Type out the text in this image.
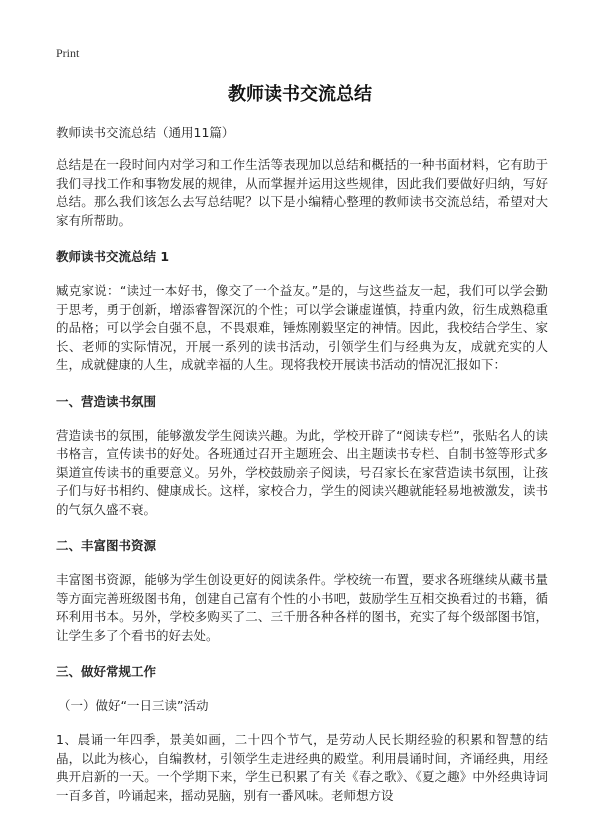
Print
教师读书交流总结

教师读书交流总结（通用11篇）

总结是在一段时间内对学习和工作生活等表现加以总结和概括的一种书面材料，它有助于我们寻找工作和事物发展的规律，从而掌握并运用这些规律，因此我们要做好归纳，写好总结。那么我们该怎么去写总结呢？以下是小编精心整理的教师读书交流总结，希望对大家有所帮助。

教师读书交流总结 1

臧克家说：“读过一本好书，像交了一个益友。”是的，与这些益友一起，我们可以学会勤于思考，勇于创新，增添睿智深沉的个性；可以学会谦虚谨慎，持重内敛，衍生成熟稳重的品格；可以学会自强不息，不畏艰难，锤炼刚毅坚定的神情。因此，我校结合学生、家长、老师的实际情况，开展一系列的读书活动，引领学生们与经典为友，成就充实的人生，成就健康的人生，成就幸福的人生。现将我校开展读书活动的情况汇报如下：

一、营造读书氛围

营造读书的氛围，能够激发学生阅读兴趣。为此，学校开辟了“阅读专栏”，张贴名人的读书格言，宣传读书的好处。各班通过召开主题班会、出主题读书专栏、自制书签等形式多渠道宣传读书的重要意义。另外，学校鼓励亲子阅读，号召家长在家营造读书氛围，让孩子们与好书相约、健康成长。这样，家校合力，学生的阅读兴趣就能轻易地被激发，读书的气氛久盛不衰。

二、丰富图书资源

丰富图书资源，能够为学生创设更好的阅读条件。学校统一布置，要求各班继续从藏书量等方面完善班级图书角，创建自己富有个性的小书吧，鼓励学生互相交换看过的书籍，循环利用书本。另外，学校多购买了二、三千册各种各样的图书，充实了每个级部图书馆，让学生多了个看书的好去处。

三、做好常规工作

（一）做好“一日三读”活动

1、晨诵一年四季，景美如画，二十四个节气，是劳动人民长期经验的积累和智慧的结晶，以此为核心，自编教材，引领学生走进经典的殿堂。利用晨诵时间，齐诵经典，用经典开启新的一天。一个学期下来，学生已积累了有关《春之歌》、《夏之趣》中外经典诗词一百多首，吟诵起来，摇动晃脑，别有一番风味。老师想方设
